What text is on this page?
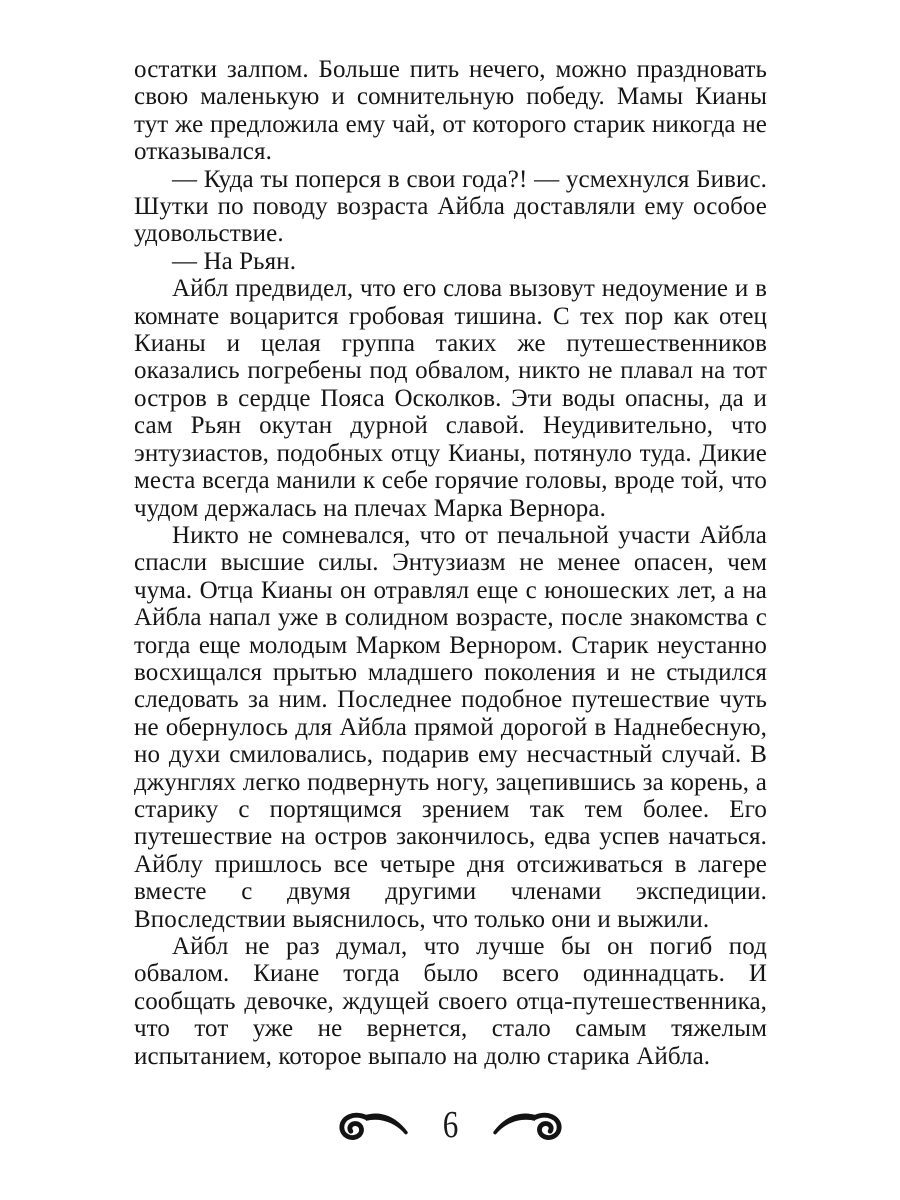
остатки залпом. Больше пить нечего, можно праздновать свою маленькую и сомнительную победу. Мамы Кианы тут же предложила ему чай, от которого старик никогда не отказывался.

— Куда ты поперся в свои года?! — усмехнулся Бивис. Шутки по поводу возраста Айбла доставляли ему особое удовольствие.

— На Рьян.

Айбл предвидел, что его слова вызовут недоумение и в комнате воцарится гробовая тишина. С тех пор как отец Кианы и целая группа таких же путешественников оказались погребены под обвалом, никто не плавал на тот остров в сердце Пояса Осколков. Эти воды опасны, да и сам Рьян окутан дурной славой. Неудивительно, что энтузиастов, подобных отцу Кианы, потянуло туда. Дикие места всегда манили к себе горячие головы, вроде той, что чудом держалась на плечах Марка Вернора.

Никто не сомневался, что от печальной участи Айбла спасли высшие силы. Энтузиазм не менее опасен, чем чума. Отца Кианы он отравлял еще с юношеских лет, а на Айбла напал уже в солидном возрасте, после знакомства с тогда еще молодым Марком Вернором. Старик неустанно восхищался прытью младшего поколения и не стыдился следовать за ним. Последнее подобное путешествие чуть не обернулось для Айбла прямой дорогой в Наднебесную, но духи смиловались, подарив ему несчастный случай. В джунглях легко подвернуть ногу, зацепившись за корень, а старику с портящимся зрением так тем более. Его путешествие на остров закончилось, едва успев начаться. Айблу пришлось все четыре дня отсиживаться в лагере вместе с двумя другими членами экспедиции. Впоследствии выяснилось, что только они и выжили.

Айбл не раз думал, что лучше бы он погиб под обвалом. Киане тогда было всего одиннадцать. И сообщать девочке, ждущей своего отца-путешественника, что тот уже не вернется, стало самым тяжелым испытанием, которое выпало на долю старика Айбла.

6
